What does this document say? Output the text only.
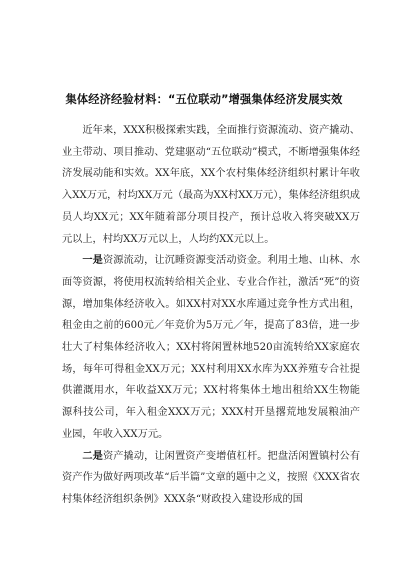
集体经济经验材料：“五位联动”增强集体经济发展实效

近年来，XXX积极探索实践，全面推行资源流动、资产撬动、业主带动、项目推动、党建驱动“五位联动”模式，不断增强集体经济发展动能和实效。XX年底，XX个农村集体经济组织村累计年收入XX万元，村均XX万元（最高为XX村XX万元），集体经济组织成员人均XX元；XX年随着部分项目投产，预计总收入将突破XX万元以上，村均XX万元以上，人均约XX元以上。

一是资源流动，让沉睡资源变活动资金。利用土地、山林、水面等资源，将使用权流转给相关企业、专业合作社，激活“死”的资源，增加集体经济收入。如XX村对XX水库通过竞争性方式出租，租金由之前的600元／年竞价为5万元／年，提高了83倍，进一步壮大了村集体经济收入；XX村将闲置林地520亩流转给XX家庭农场，每年可得租金XX万元；XX村利用XX水库为XX养殖专合社提供灌溉用水，年收益XX万元；XX村将集体土地出租给XX生物能源科技公司，年入租金XXX万元；XXX村开垦撂荒地发展粮油产业园，年收入XX万元。

二是资产撬动，让闲置资产变增值杠杆。把盘活闲置镇村公有资产作为做好两项改革“后半篇”文章的题中之义，按照《XXX省农村集体经济组织条例》XXX条“财政投入建设形成的国
